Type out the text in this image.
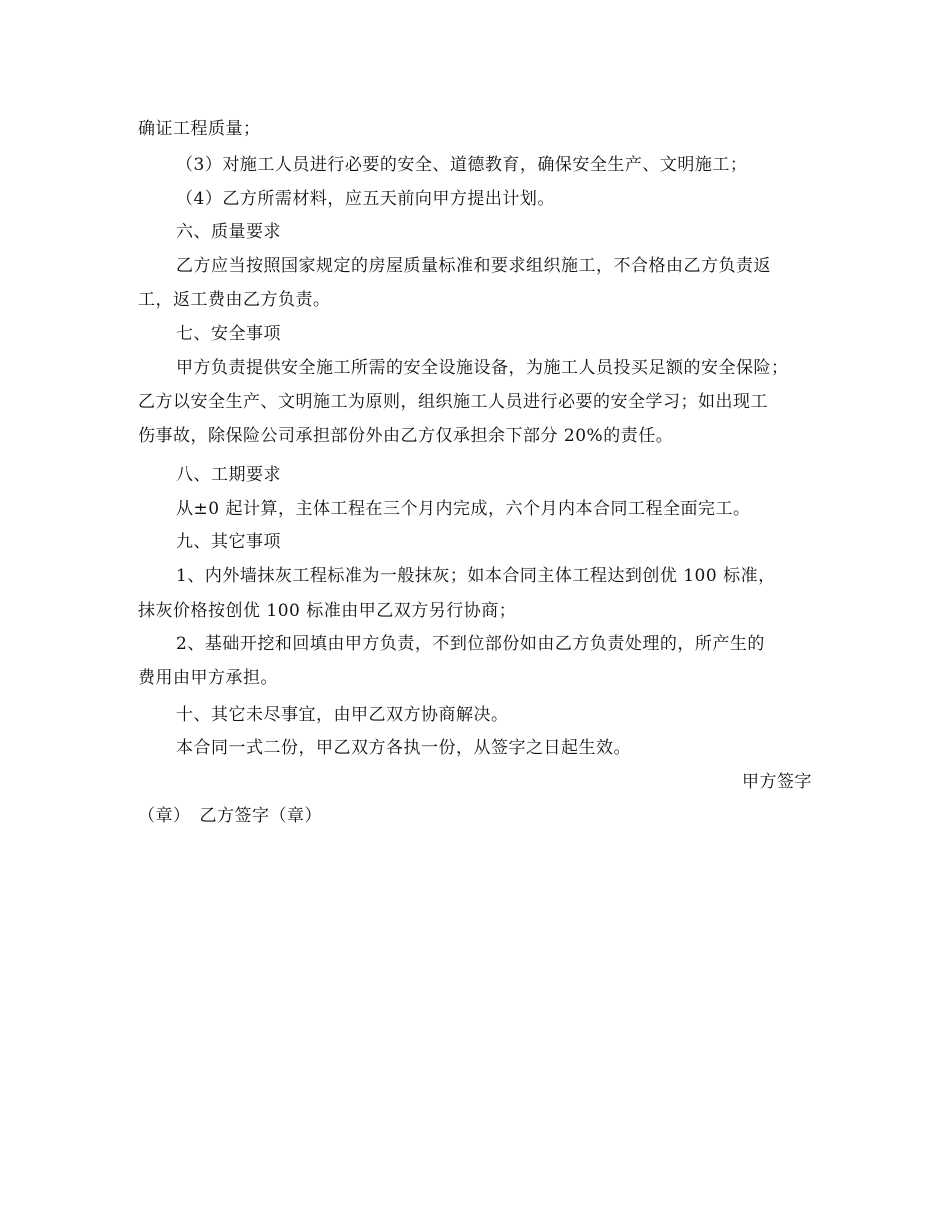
确证工程质量；
（3）对施工人员进行必要的安全、道德教育，确保安全生产、文明施工；
（4）乙方所需材料，应五天前向甲方提出计划。
六、质量要求
乙方应当按照国家规定的房屋质量标准和要求组织施工，不合格由乙方负责返
工，返工费由乙方负责。
七、安全事项
甲方负责提供安全施工所需的安全设施设备，为施工人员投买足额的安全保险；
乙方以安全生产、文明施工为原则，组织施工人员进行必要的安全学习；如出现工
伤事故，除保险公司承担部份外由乙方仅承担余下部分 20%的责任。
八、工期要求
从±0 起计算，主体工程在三个月内完成，六个月内本合同工程全面完工。
九、其它事项
1、内外墙抹灰工程标准为一般抹灰；如本合同主体工程达到创优 100 标准，
抹灰价格按创优 100 标准由甲乙双方另行协商；
2、基础开挖和回填由甲方负责，不到位部份如由乙方负责处理的，所产生的
费用由甲方承担。
十、其它未尽事宜，由甲乙双方协商解决。
本合同一式二份，甲乙双方各执一份，从签字之日起生效。
甲方签字
（章）　乙方签字（章）
